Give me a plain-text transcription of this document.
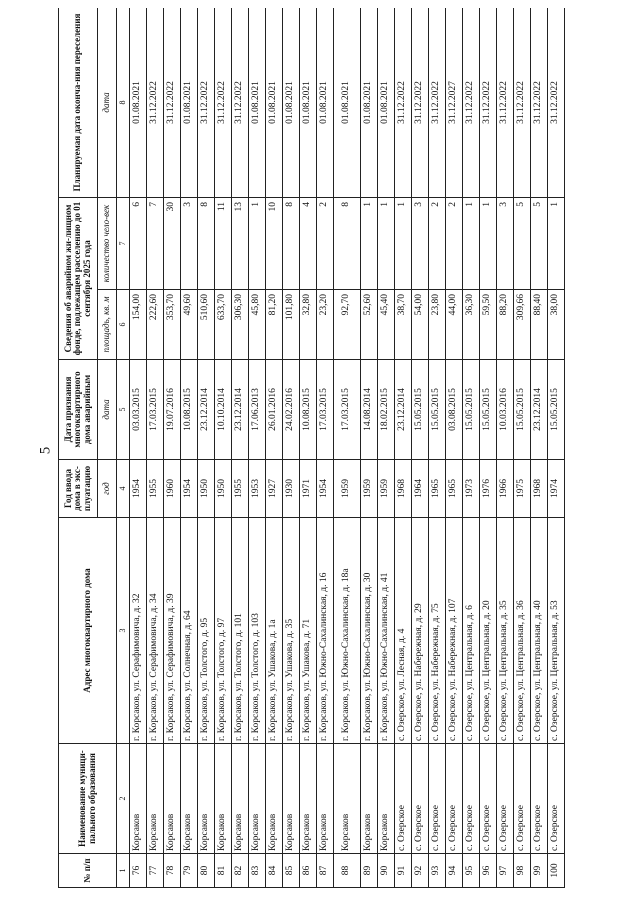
5
№ п/п	Наименование муници-пального образования	Адрес многоквартирного дома	Год ввода дома в экс-плуатацию	Дата признания многоквартирного дома аварийным	Сведения об аварийном жи-лищном фонде, подлежащем расселению до 01 сентября 2025 года		Планируемая дата оконча-ния переселения
			год	дата	площадь, кв. м	количество чело-век	дата
1	2	3	4	5	6	7	8
76	Корсаков	г. Корсаков, ул. Серафимовича, д. 32	1954	03.03.2015	154,00	6	01.08.2021
77	Корсаков	г. Корсаков, ул. Серафимовича, д. 34	1955	17.03.2015	222,60	7	31.12.2022
78	Корсаков	г. Корсаков, ул. Серафимовича, д. 39	1960	19.07.2016	353,70	30	31.12.2022
79	Корсаков	г. Корсаков, ул. Солнечная, д. 64	1954	10.08.2015	49,60	3	01.08.2021
80	Корсаков	г. Корсаков, ул. Толстого, д. 95	1950	23.12.2014	510,60	8	31.12.2022
81	Корсаков	г. Корсаков, ул. Толстого, д. 97	1950	10.10.2014	633,70	11	31.12.2022
82	Корсаков	г. Корсаков, ул. Толстого, д. 101	1955	23.12.2014	306,30	13	31.12.2022
83	Корсаков	г. Корсаков, ул. Толстого, д. 103	1953	17.06.2013	45,80	1	01.08.2021
84	Корсаков	г. Корсаков, ул. Ушакова, д. 1а	1927	26.01.2016	81,20	10	01.08.2021
85	Корсаков	г. Корсаков, ул. Ушакова, д. 35	1930	24.02.2016	101,80	8	01.08.2021
86	Корсаков	г. Корсаков, ул. Ушакова, д. 71	1971	10.08.2015	32,80	4	01.08.2021
87	Корсаков	г. Корсаков, ул. Южно-Сахалинская, д. 16	1954	17.03.2015	23,20	2	01.08.2021
88	Корсаков	г. Корсаков, ул. Южно-Сахалинская, д. 18а	1959	17.03.2015	92,70	8	01.08.2021
89	Корсаков	г. Корсаков, ул. Южно-Сахалинская, д. 30	1959	14.08.2014	52,60	1	01.08.2021
90	Корсаков	г. Корсаков, ул. Южно-Сахалинская, д. 41	1959	18.02.2015	45,40	1	01.08.2021
91	с. Озерское	с. Озерское, ул. Лесная, д. 4	1968	23.12.2014	38,70	1	31.12.2022
92	с. Озерское	с. Озерское, ул. Набережная, д. 29	1964	15.05.2015	54,00	3	31.12.2022
93	с. Озерское	с. Озерское, ул. Набережная, д. 75	1965	15.05.2015	23,80	2	31.12.2022
94	с. Озерское	с. Озерское, ул. Набережная, д. 107	1965	03.08.2015	44,00	2	31.12.2027
95	с. Озерское	с. Озерское, ул. Центральная, д. 6	1973	15.05.2015	36,30	1	31.12.2022
96	с. Озерское	с. Озерское, ул. Центральная, д. 20	1976	15.05.2015	59,50	1	31.12.2022
97	с. Озерское	с. Озерское, ул. Центральная, д. 35	1966	10.03.2016	88,20	3	31.12.2022
98	с. Озерское	с. Озерское, ул. Центральная, д. 36	1975	15.05.2015	309,66	5	31.12.2022
99	с. Озерское	с. Озерское, ул. Центральная, д. 40	1968	23.12.2014	88,40	5	31.12.2022
100	с. Озерское	с. Озерское, ул. Центральная, д. 53	1974	15.05.2015	38,00	1	31.12.2022
